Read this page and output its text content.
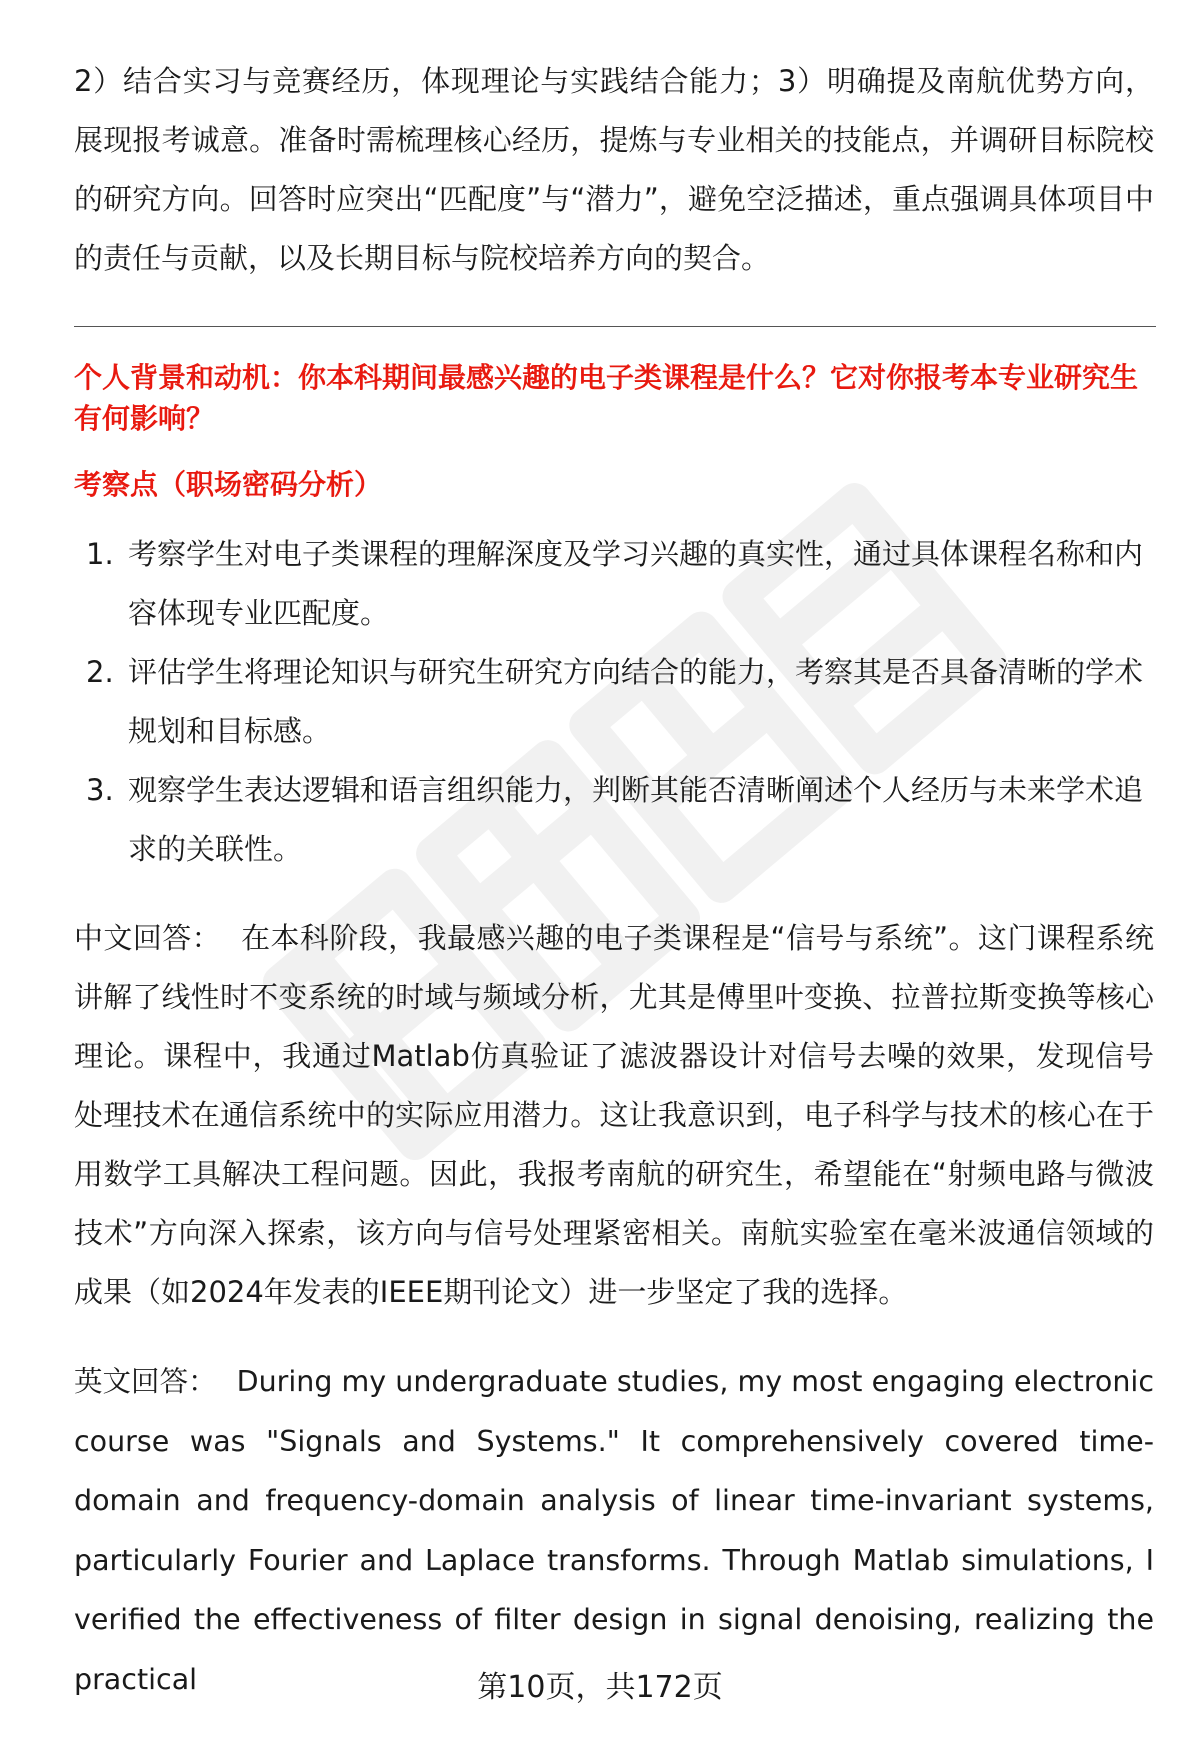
2）结合实习与竞赛经历，体现理论与实践结合能力；3）明确提及南航优势方向，展现报考诚意。准备时需梳理核心经历，提炼与专业相关的技能点，并调研目标院校的研究方向。回答时应突出“匹配度”与“潜力”，避免空泛描述，重点强调具体项目中的责任与贡献，以及长期目标与院校培养方向的契合。

个人背景和动机：你本科期间最感兴趣的电子类课程是什么？它对你报考本专业研究生有何影响？

考察点（职场密码分析）

1. 考察学生对电子类课程的理解深度及学习兴趣的真实性，通过具体课程名称和内容体现专业匹配度。
2. 评估学生将理论知识与研究生研究方向结合的能力，考察其是否具备清晰的学术规划和目标感。
3. 观察学生表达逻辑和语言组织能力，判断其能否清晰阐述个人经历与未来学术追求的关联性。

中文回答： 在本科阶段，我最感兴趣的电子类课程是“信号与系统”。这门课程系统讲解了线性时不变系统的时域与频域分析，尤其是傅里叶变换、拉普拉斯变换等核心理论。课程中，我通过Matlab仿真验证了滤波器设计对信号去噪的效果，发现信号处理技术在通信系统中的实际应用潜力。这让我意识到，电子科学与技术的核心在于用数学工具解决工程问题。因此，我报考南航的研究生，希望能在“射频电路与微波技术”方向深入探索，该方向与信号处理紧密相关。南航实验室在毫米波通信领域的成果（如2024年发表的IEEE期刊论文）进一步坚定了我的选择。

英文回答： During my undergraduate studies, my most engaging electronic course was "Signals and Systems." It comprehensively covered time-domain and frequency-domain analysis of linear time-invariant systems, particularly Fourier and Laplace transforms. Through Matlab simulations, I verified the effectiveness of filter design in signal denoising, realizing the practical	第10页，共172页
